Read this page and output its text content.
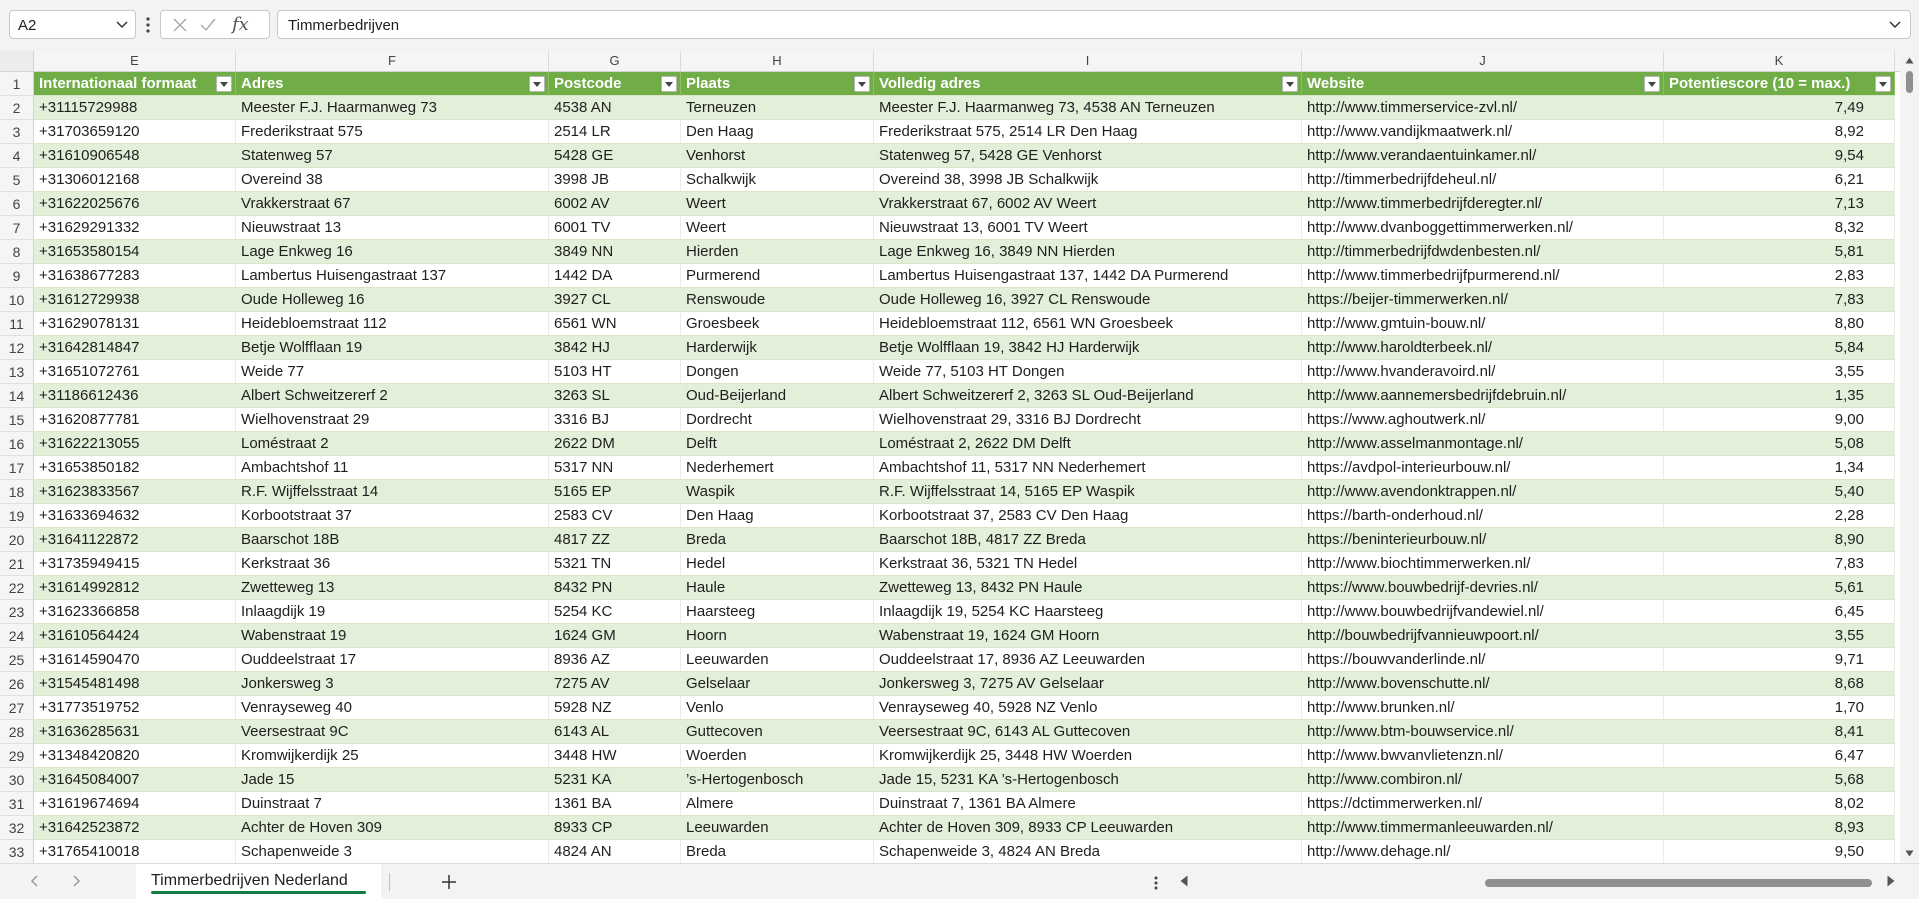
A2	fx	Timmerbedrijven
E	F	G	H	I	J	K
1	Internationaal formaat	Adres	Postcode	Plaats	Volledig adres	Website	Potentiescore (10 = max.)
2	+31115729988	Meester F.J. Haarmanweg 73	4538 AN	Terneuzen	Meester F.J. Haarmanweg 73, 4538 AN Terneuzen	http://www.timmerservice-zvl.nl/	7,49
3	+31703659120	Frederikstraat 575	2514 LR	Den Haag	Frederikstraat 575, 2514 LR Den Haag	http://www.vandijkmaatwerk.nl/	8,92
4	+31610906548	Statenweg 57	5428 GE	Venhorst	Statenweg 57, 5428 GE Venhorst	http://www.verandaentuinkamer.nl/	9,54
5	+31306012168	Overeind 38	3998 JB	Schalkwijk	Overeind 38, 3998 JB Schalkwijk	http://timmerbedrijfdeheul.nl/	6,21
6	+31622025676	Vrakkerstraat 67	6002 AV	Weert	Vrakkerstraat 67, 6002 AV Weert	http://www.timmerbedrijfderegter.nl/	7,13
7	+31629291332	Nieuwstraat 13	6001 TV	Weert	Nieuwstraat 13, 6001 TV Weert	http://www.dvanboggettimmerwerken.nl/	8,32
8	+31653580154	Lage Enkweg 16	3849 NN	Hierden	Lage Enkweg 16, 3849 NN Hierden	http://timmerbedrijfdwdenbesten.nl/	5,81
9	+31638677283	Lambertus Huisengastraat 137	1442 DA	Purmerend	Lambertus Huisengastraat 137, 1442 DA Purmerend	http://www.timmerbedrijfpurmerend.nl/	2,83
10 +31612729938	Oude Holleweg 16	3927 CL	Renswoude	Oude Holleweg 16, 3927 CL Renswoude	https://beijer-timmerwerken.nl/	7,83
11	+31629078131	Heidebloemstraat 112	6561 WN	Groesbeek	Heidebloemstraat 112, 6561 WN Groesbeek	http://www.gmtuin-bouw.nl/	8,80
12 +31642814847	Betje Wolfflaan 19	3842 HJ	Harderwijk	Betje Wolfflaan 19, 3842 HJ Harderwijk	http://www.haroldterbeek.nl/	5,84
13 +31651072761	Weide 77	5103 HT	Dongen	Weide 77, 5103 HT Dongen	http://www.hvanderavoird.nl/	3,55
14 +31186612436	Albert Schweitzererf 2	3263 SL	Oud-Beijerland	Albert Schweitzererf 2, 3263 SL Oud-Beijerland	http://www.aannemersbedrijfdebruin.nl/	1,35
15 +31620877781	Wielhovenstraat 29	3316 BJ	Dordrecht	Wielhovenstraat 29, 3316 BJ Dordrecht	https://www.aghoutwerk.nl/	9,00
16 +31622213055	Loméstraat 2	2622 DM	Delft	Loméstraat 2, 2622 DM Delft	http://www.asselmanmontage.nl/	5,08
17 +31653850182	Ambachtshof 11	5317 NN	Nederhemert	Ambachtshof 11, 5317 NN Nederhemert	https://avdpol-interieurbouw.nl/	1,34
18 +31623833567	R.F. Wijffelsstraat 14	5165 EP	Waspik	R.F. Wijffelsstraat 14, 5165 EP Waspik	http://www.avendonktrappen.nl/	5,40
19 +31633694632	Korbootstraat 37	2583 CV	Den Haag	Korbootstraat 37, 2583 CV Den Haag	https://barth-onderhoud.nl/	2,28
20 +31641122872	Baarschot 18B	4817 ZZ	Breda	Baarschot 18B, 4817 ZZ Breda	https://beninterieurbouw.nl/	8,90
21 +31735949415	Kerkstraat 36	5321 TN	Hedel	Kerkstraat 36, 5321 TN Hedel	http://www.biochtimmerwerken.nl/	7,83
22 +31614992812	Zwetteweg 13	8432 PN	Haule	Zwetteweg 13, 8432 PN Haule	https://www.bouwbedrijf-devries.nl/	5,61
23 +31623366858	Inlaagdijk 19	5254 KC	Haarsteeg	Inlaagdijk 19, 5254 KC Haarsteeg	http://www.bouwbedrijfvandewiel.nl/	6,45
24 +31610564424	Wabenstraat 19	1624 GM	Hoorn	Wabenstraat 19, 1624 GM Hoorn	http://bouwbedrijfvannieuwpoort.nl/	3,55
25 +31614590470	Ouddeelstraat 17	8936 AZ	Leeuwarden	Ouddeelstraat 17, 8936 AZ Leeuwarden	https://bouwvanderlinde.nl/	9,71
26 +31545481498	Jonkersweg 3	7275 AV	Gelselaar	Jonkersweg 3, 7275 AV Gelselaar	http://www.bovenschutte.nl/	8,68
27 +31773519752	Venrayseweg 40	5928 NZ	Venlo	Venrayseweg 40, 5928 NZ Venlo	http://www.brunken.nl/	1,70
28 +31636285631	Veersestraat 9C	6143 AL	Guttecoven	Veersestraat 9C, 6143 AL Guttecoven	http://www.btm-bouwservice.nl/	8,41
29 +31348420820	Kromwijkerdijk 25	3448 HW	Woerden	Kromwijkerdijk 25, 3448 HW Woerden	http://www.bwvanvlietenzn.nl/	6,47
30 +31645084007	Jade 15	5231 KA	’s-Hertogenbosch	Jade 15, 5231 KA ’s-Hertogenbosch	http://www.combiron.nl/	5,68
31 +31619674694	Duinstraat 7	1361 BA	Almere	Duinstraat 7, 1361 BA Almere	https://dctimmerwerken.nl/	8,02
32 +31642523872	Achter de Hoven 309	8933 CP	Leeuwarden	Achter de Hoven 309, 8933 CP Leeuwarden	http://www.timmermanleeuwarden.nl/	8,93
33 +31765410018	Schapenweide 3	4824 AN	Breda	Schapenweide 3, 4824 AN Breda	http://www.dehage.nl/	9,50
Timmerbedrijven Nederland
